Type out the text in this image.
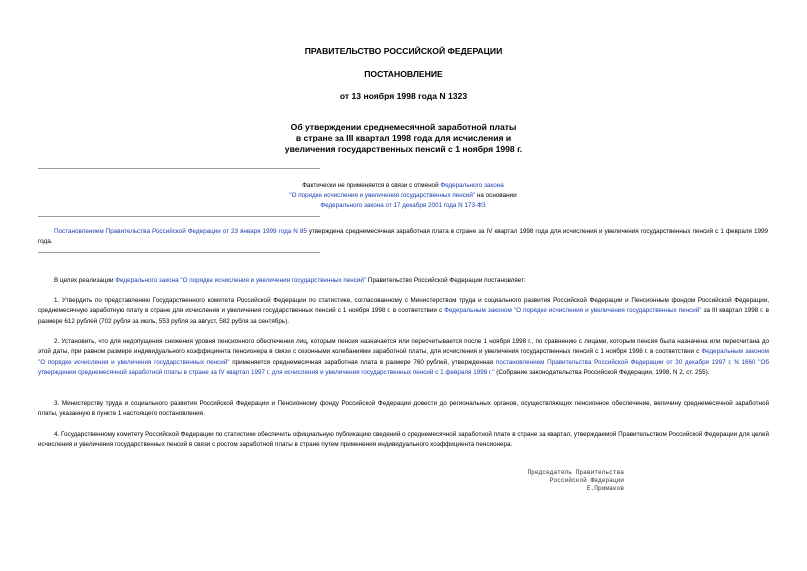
ПРАВИТЕЛЬСТВО РОССИЙСКОЙ ФЕДЕРАЦИИ
ПОСТАНОВЛЕНИЕ
от 13 ноября 1998 года N 1323
Об утверждении среднемесячной заработной платы
в стране за III квартал 1998 года для исчисления и
увеличения государственных пенсий с 1 ноября 1998 г.
Фактически не применяется в связи с отменой Федерального закона
"О порядке исчисления и увеличения государственных пенсий" на основании
Федерального закона от 17 декабря 2001 года N 173-ФЗ
Постановлением Правительства Российской Федерации от 23 января 1999 года N 85 утверждена среднемесячная заработная плата в стране за IV квартал 1998 года для исчисления и увеличения государственных пенсий с 1 февраля 1999 года.
В целях реализации Федерального закона "О порядке исчисления и увеличения государственных пенсий" Правительство Российской Федерации постановляет:
1. Утвердить по представлению Государственного комитета Российской Федерации по статистике, согласованному с Министерством труда и социального развития Российской Федерации и Пенсионным фондом Российской Федерации, среднемесячную заработную плату в стране для исчисления и увеличения государственных пенсий с 1 ноября 1998 г. в соответствии с Федеральным законом "О порядке исчисления и увеличения государственных пенсий" за III квартал 1998 г. в размере 612 рублей (702 рубля за июль, 553 рубля за август, 582 рубля за сентябрь).
2. Установить, что для недопущения снижения уровня пенсионного обеспечения лиц, которым пенсия назначается или пересчитывается после 1 ноября 1998 г., по сравнению с лицами, которым пенсия была назначена или пересчитана до этой даты, при равном размере индивидуального коэффициента пенсионера в связи с сезонными колебаниями заработной платы, для исчисления и увеличения государственных пенсий с 1 ноября 1998 г. в соответствии с Федеральным законом "О порядке исчисления и увеличения государственных пенсий" применяется среднемесячная заработная плата в размере 760 рублей, утвержденная постановлением Правительства Российской Федерации от 30 декабря 1997 г. N 1660 "Об утверждении среднемесячной заработной платы в стране за IV квартал 1997 г. для исчисления и увеличения государственных пенсий с 1 февраля 1998 г." (Собрание законодательства Российской Федерации, 1998, N 2, ст. 255).
3. Министерству труда и социального развития Российской Федерации и Пенсионному фонду Российской Федерации довести до региональных органов, осуществляющих пенсионное обеспечение, величину среднемесячной заработной платы, указанную в пункте 1 настоящего постановления.
4. Государственному комитету Российской Федерации по статистике обеспечить официальную публикацию сведений о среднемесячной заработной плате в стране за квартал, утверждаемой Правительством Российской Федерации для целей исчисления и увеличения государственных пенсий в связи с ростом заработной платы в стране путем применения индивидуального коэффициента пенсионера.
Председатель Правительства
Российской Федерации
Е.Примаков
